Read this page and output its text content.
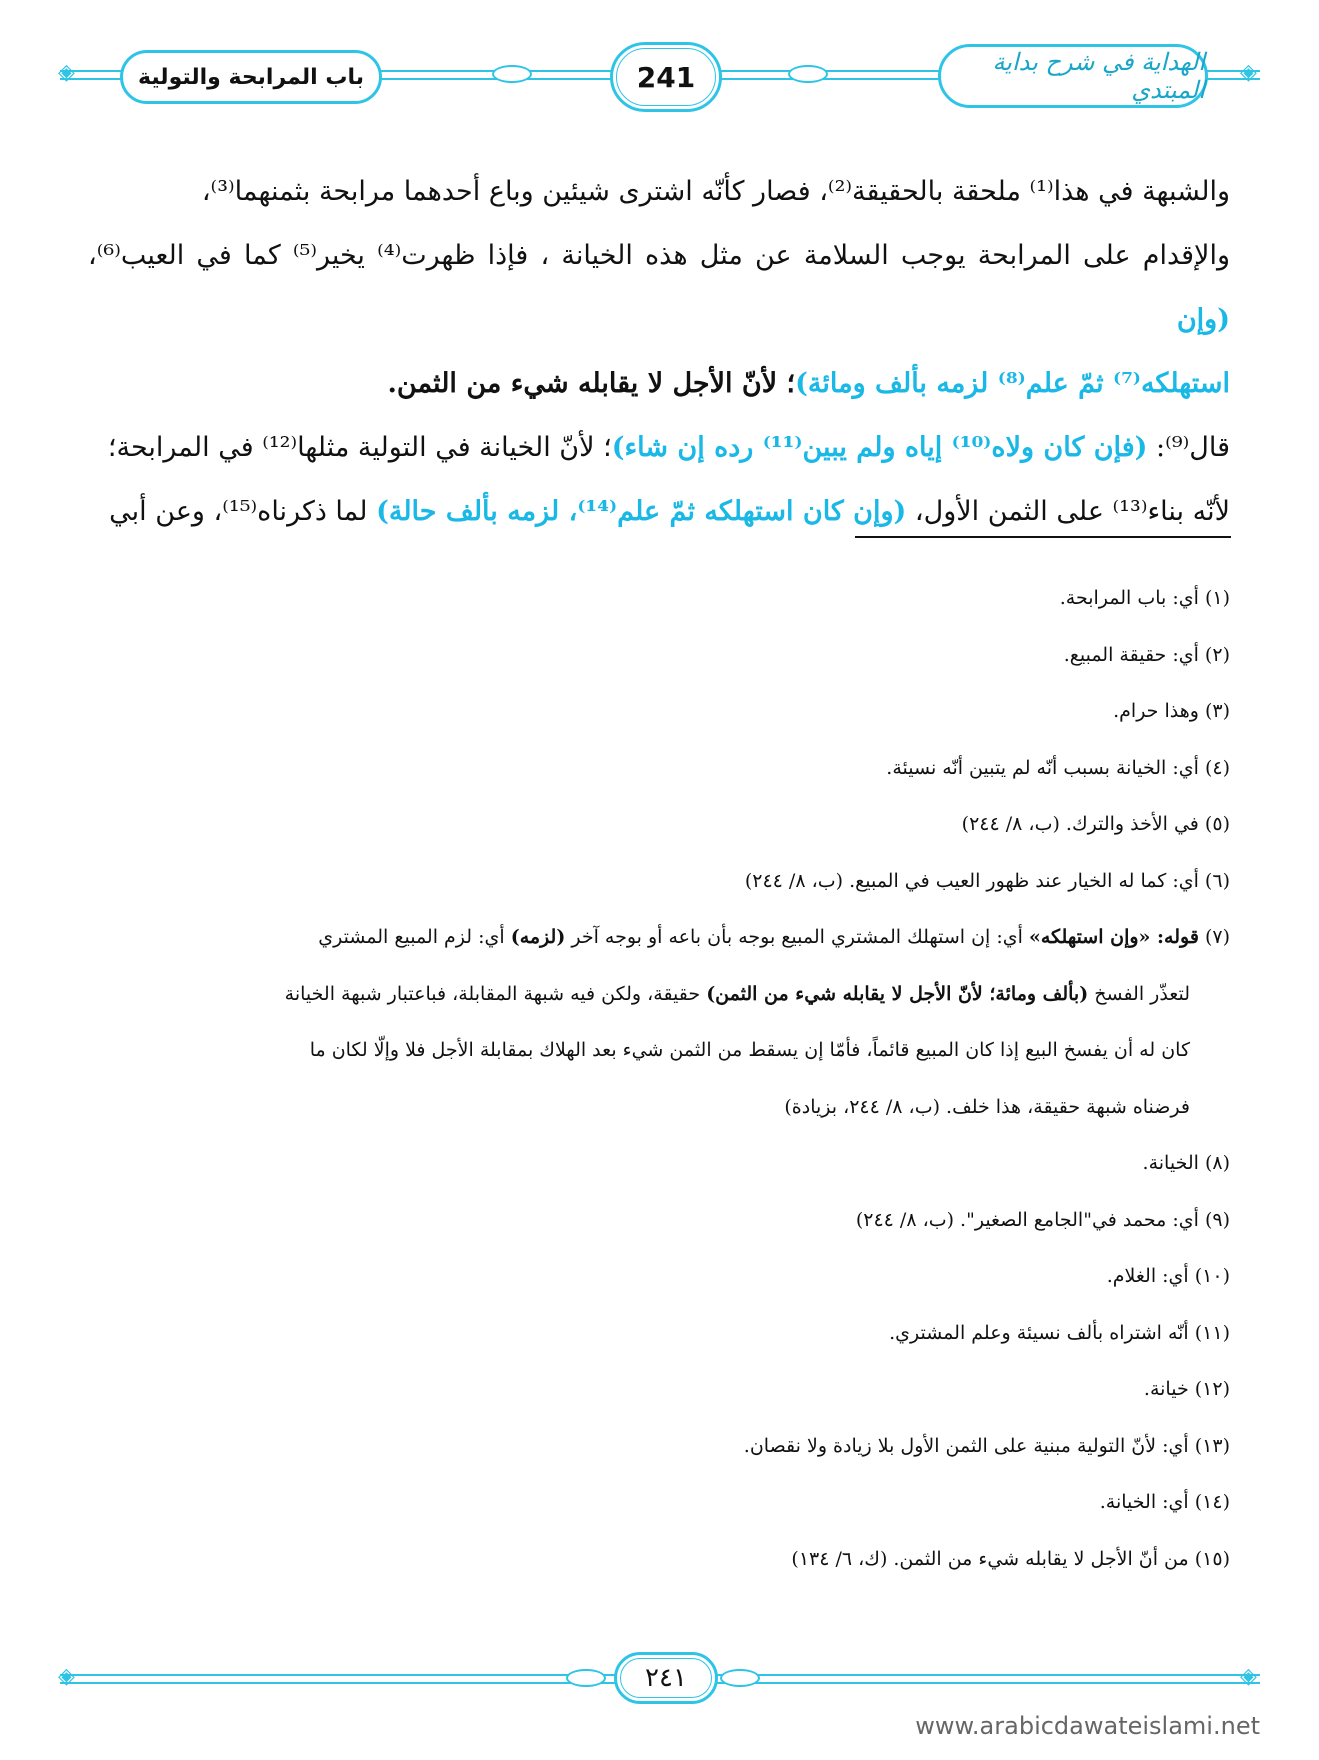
◈
◈	باب المرابحة والتولية	241	الهداية في شرح بداية المبتدي

والشبهة في هذا⁽¹⁾ ملحقة بالحقيقة⁽²⁾، فصار كأنّه اشترى شيئين وباع أحدهما مرابحة بثمنهما⁽³⁾،

والإقدام على المرابحة يوجب السلامة عن مثل هذه الخيانة ، فإذا ظهرت⁽⁴⁾ يخير⁽⁵⁾ كما في العيب⁽⁶⁾، (وإن

استهلكه⁽⁷⁾ ثمّ علم⁽⁸⁾ لزمه بألف ومائة)؛ لأنّ الأجل لا يقابله شيء من الثمن.

قال⁽⁹⁾: (فإن كان ولاه⁽¹⁰⁾ إياه ولم يبين⁽¹¹⁾ رده إن شاء)؛ لأنّ الخيانة في التولية مثلها⁽¹²⁾ في المرابحة؛

لأنّه بناء⁽¹³⁾ على الثمن الأول، (وإن كان استهلكه ثمّ علم⁽¹⁴⁾، لزمه بألف حالة) لما ذكرناه⁽¹⁵⁾، وعن أبي

(١) أي: باب المرابحة.

(٢) أي: حقيقة المبيع.

(٣) وهذا حرام.

(٤) أي: الخيانة بسبب أنّه لم يتبين أنّه نسيئة.

(٥) في الأخذ والترك. (ب، ٨/ ٢٤٤)

(٦) أي: كما له الخيار عند ظهور العيب في المبيع. (ب، ٨/ ٢٤٤)

(٧) قوله: «وإن استهلكه» أي: إن استهلك المشتري المبيع بوجه بأن باعه أو بوجه آخر (لزمه) أي: لزم المبيع المشتري

لتعذّر الفسخ (بألف ومائة؛ لأنّ الأجل لا يقابله شيء من الثمن) حقيقة، ولكن فيه شبهة المقابلة، فباعتبار شبهة الخيانة

كان له أن يفسخ البيع إذا كان المبيع قائماً، فأمّا إن يسقط من الثمن شيء بعد الهلاك بمقابلة الأجل فلا وإلّا لكان ما

فرضناه شبهة حقيقة، هذا خلف. (ب، ٨/ ٢٤٤، بزيادة)

(٨) الخيانة.

(٩) أي: محمد في"الجامع الصغير". (ب، ٨/ ٢٤٤)

(١٠) أي: الغلام.

(١١) أنّه اشتراه بألف نسيئة وعلم المشتري.

(١٢) خيانة.

(١٣) أي: لأنّ التولية مبنية على الثمن الأول بلا زيادة ولا نقصان.

(١٤) أي: الخيانة.

(١٥) من أنّ الأجل لا يقابله شيء من الثمن. (ك، ٦/ ١٣٤)

◈
◈	٢٤١
www.arabicdawateislami.net
